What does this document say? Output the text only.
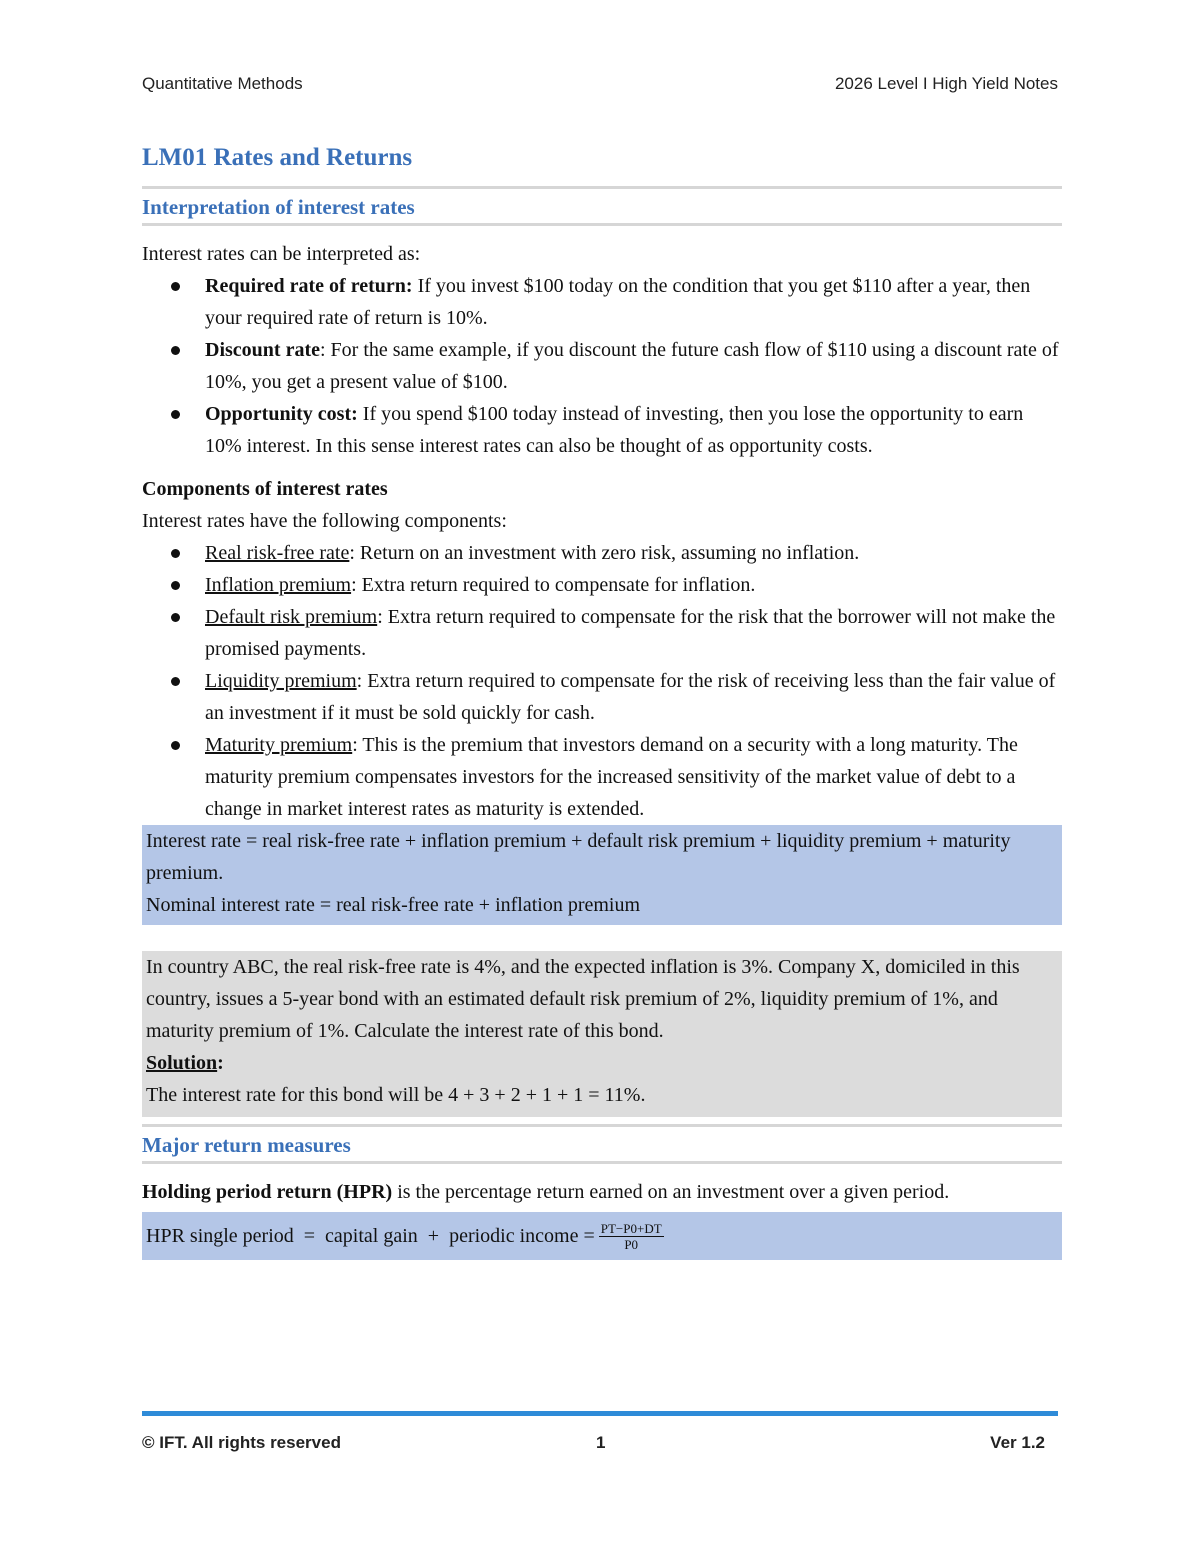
Quantitative Methods	2026 Level I High Yield Notes
LM01 Rates and Returns
Interpretation of interest rates
Interest rates can be interpreted as:
Required rate of return: If you invest $100 today on the condition that you get $110 after a year, then your required rate of return is 10%.
Discount rate: For the same example, if you discount the future cash flow of $110 using a discount rate of 10%, you get a present value of $100.
Opportunity cost: If you spend $100 today instead of investing, then you lose the opportunity to earn 10% interest. In this sense interest rates can also be thought of as opportunity costs.
Components of interest rates
Interest rates have the following components:
Real risk-free rate: Return on an investment with zero risk, assuming no inflation.
Inflation premium: Extra return required to compensate for inflation.
Default risk premium: Extra return required to compensate for the risk that the borrower will not make the promised payments.
Liquidity premium: Extra return required to compensate for the risk of receiving less than the fair value of an investment if it must be sold quickly for cash.
Maturity premium: This is the premium that investors demand on a security with a long maturity. The maturity premium compensates investors for the increased sensitivity of the market value of debt to a change in market interest rates as maturity is extended.
Interest rate = real risk-free rate + inflation premium + default risk premium + liquidity premium + maturity premium.
Nominal interest rate = real risk-free rate + inflation premium
In country ABC, the real risk-free rate is 4%, and the expected inflation is 3%. Company X, domiciled in this country, issues a 5-year bond with an estimated default risk premium of 2%, liquidity premium of 1%, and maturity premium of 1%. Calculate the interest rate of this bond.
Solution:
The interest rate for this bond will be 4 + 3 + 2 + 1 + 1 = 11%.
Major return measures
Holding period return (HPR) is the percentage return earned on an investment over a given period.
HPR single period  =  capital gain  +  periodic income = $\frac{PT-P0+DT}{P0}$
© IFT. All rights reserved	1	Ver 1.2
